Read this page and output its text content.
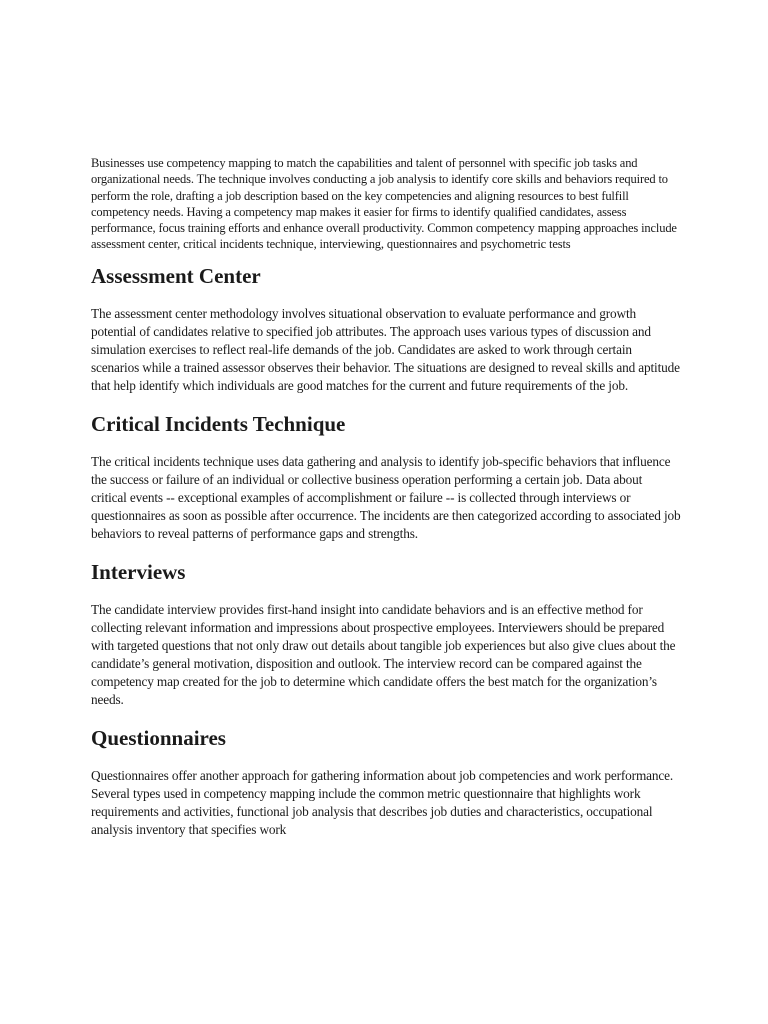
Businesses use competency mapping to match the capabilities and talent of personnel with specific job tasks and organizational needs. The technique involves conducting a job analysis to identify core skills and behaviors required to perform the role, drafting a job description based on the key competencies and aligning resources to best fulfill competency needs. Having a competency map makes it easier for firms to identify qualified candidates, assess performance, focus training efforts and enhance overall productivity. Common competency mapping approaches include assessment center, critical incidents technique, interviewing, questionnaires and psychometric tests

Assessment Center

The assessment center methodology involves situational observation to evaluate performance and growth potential of candidates relative to specified job attributes. The approach uses various types of discussion and simulation exercises to reflect real-life demands of the job. Candidates are asked to work through certain scenarios while a trained assessor observes their behavior. The situations are designed to reveal skills and aptitude that help identify which individuals are good matches for the current and future requirements of the job.

Critical Incidents Technique

The critical incidents technique uses data gathering and analysis to identify job-specific behaviors that influence the success or failure of an individual or collective business operation performing a certain job. Data about critical events -- exceptional examples of accomplishment or failure -- is collected through interviews or questionnaires as soon as possible after occurrence. The incidents are then categorized according to associated job behaviors to reveal patterns of performance gaps and strengths.

Interviews

The candidate interview provides first-hand insight into candidate behaviors and is an effective method for collecting relevant information and impressions about prospective employees. Interviewers should be prepared with targeted questions that not only draw out details about tangible job experiences but also give clues about the candidate’s general motivation, disposition and outlook. The interview record can be compared against the competency map created for the job to determine which candidate offers the best match for the organization’s needs.

Questionnaires

Questionnaires offer another approach for gathering information about job competencies and work performance. Several types used in competency mapping include the common metric questionnaire that highlights work requirements and activities, functional job analysis that describes job duties and characteristics, occupational analysis inventory that specifies work
